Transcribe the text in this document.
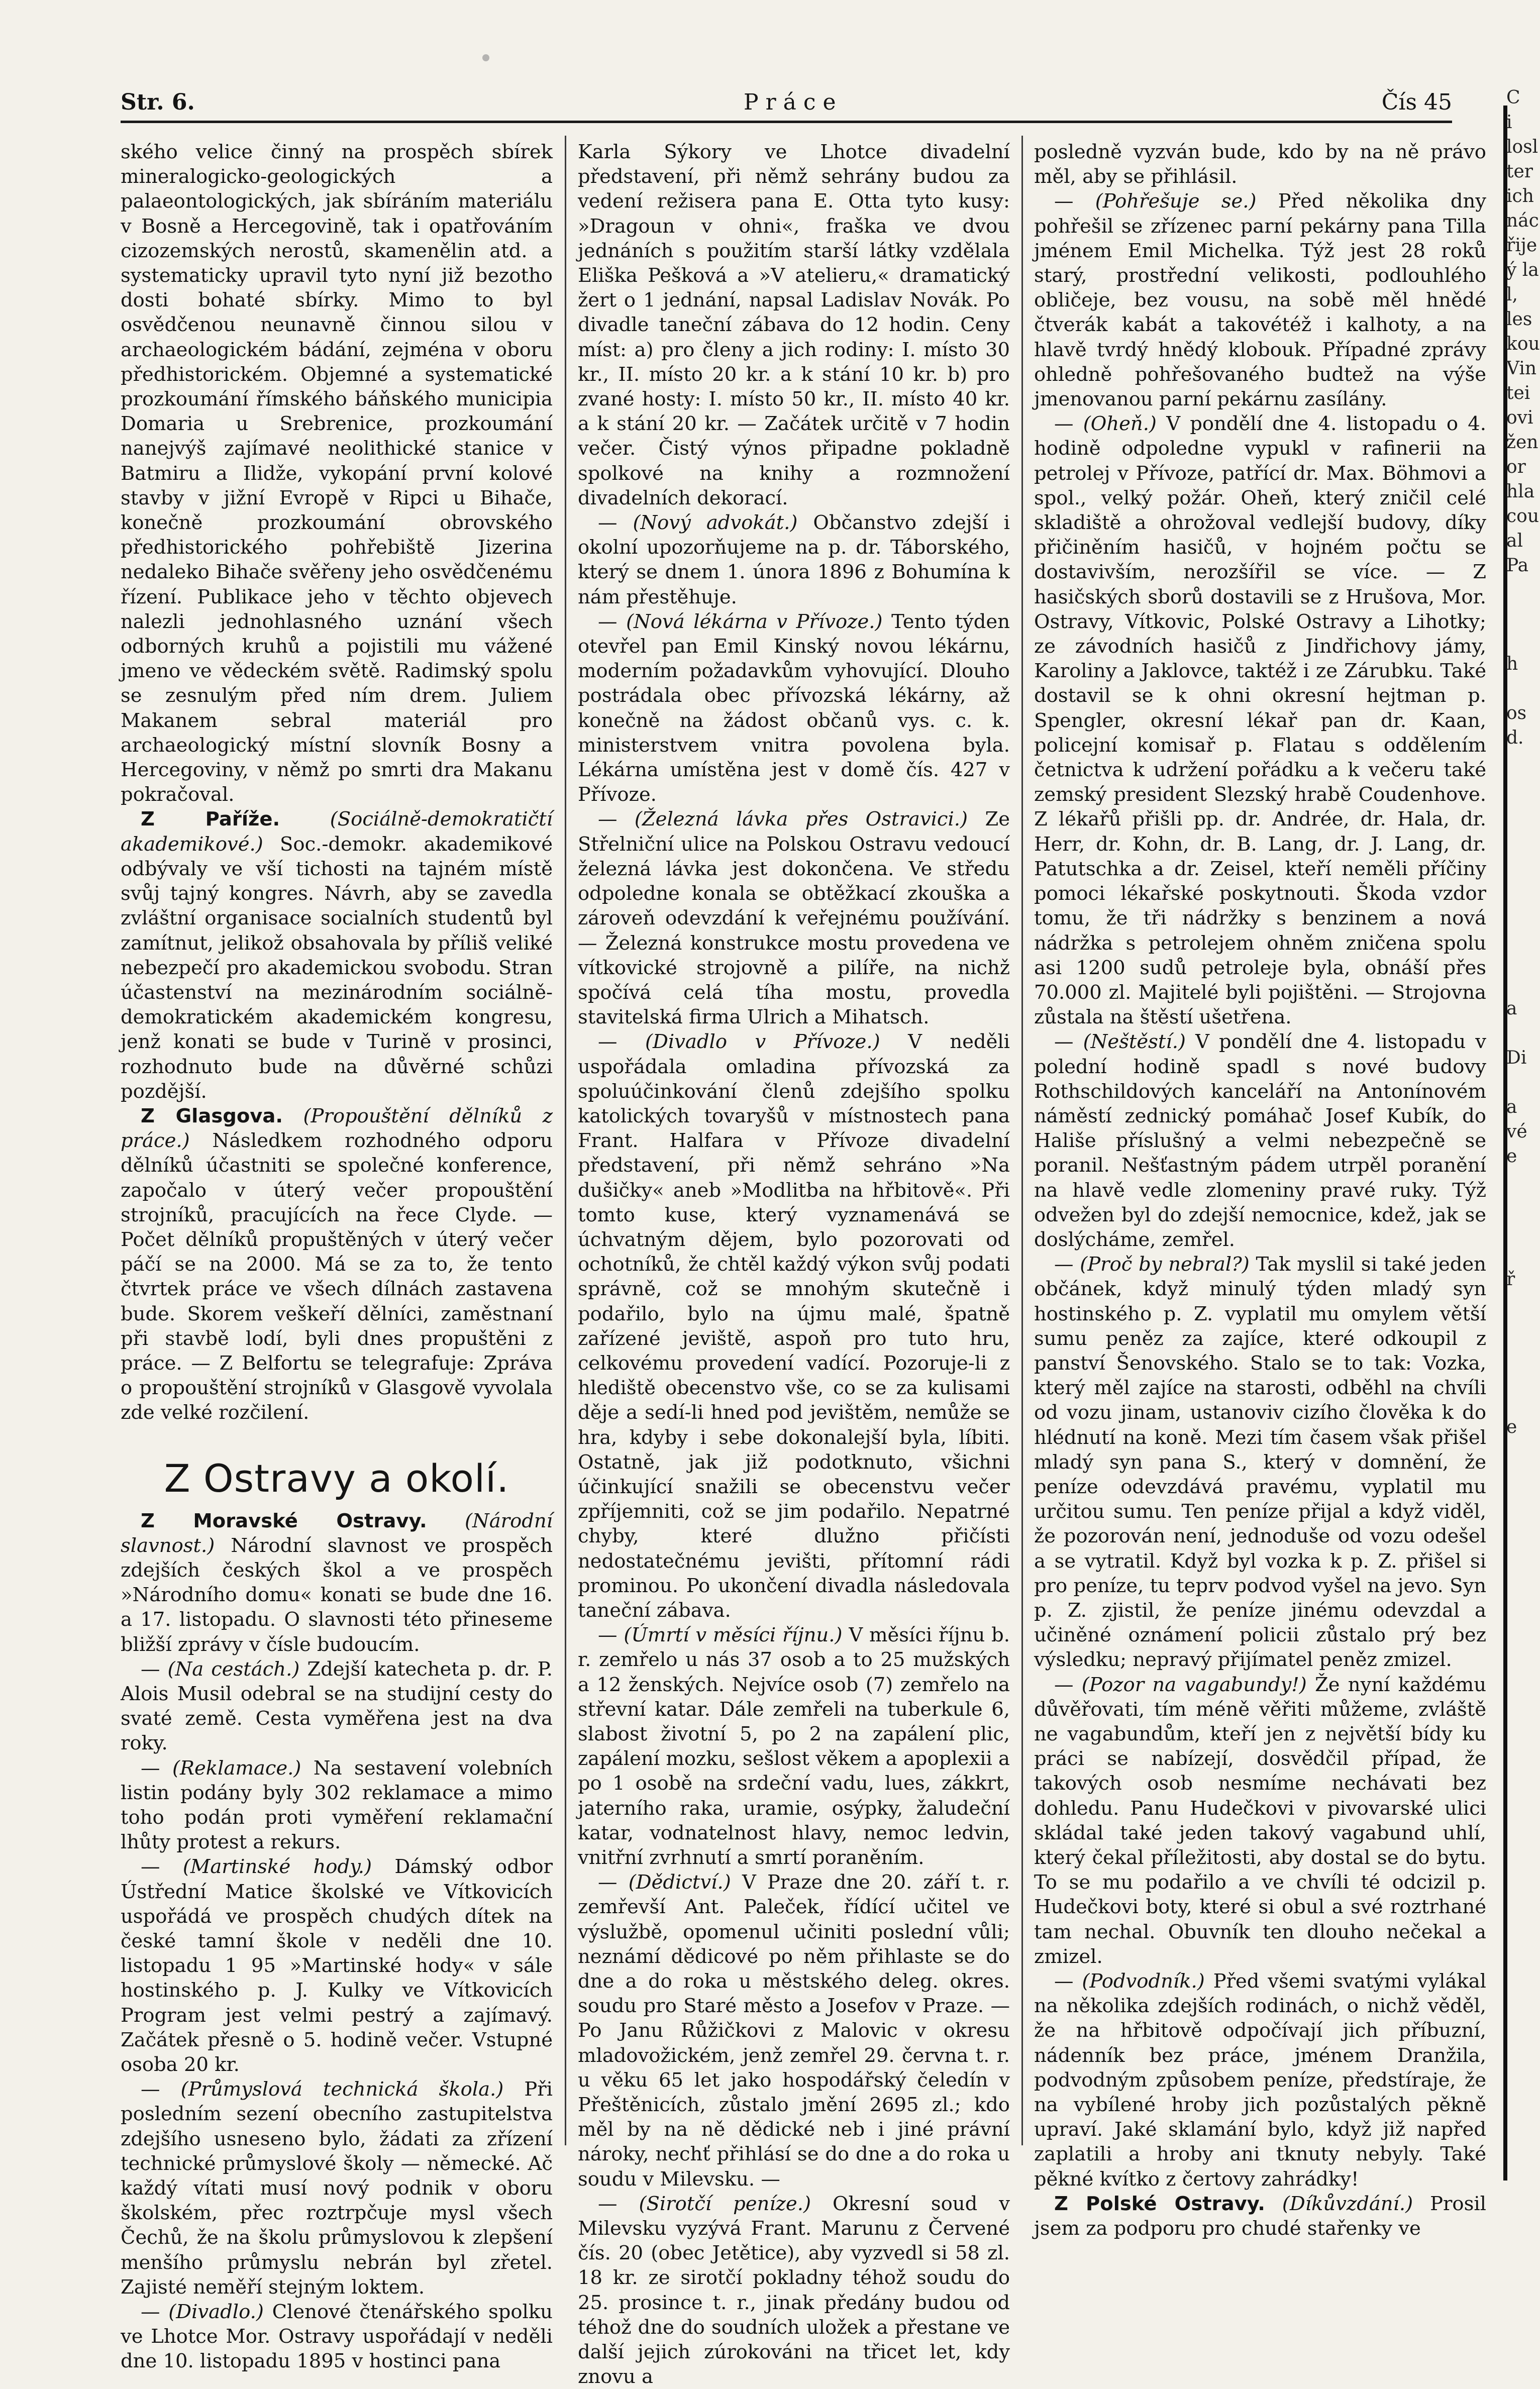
Str. 6.	Práce	Čís 45

ského velice činný na prospěch sbírek mineralogicko-geologických a palaeontologických, jak sbíráním materiálu v Bosně a Hercegovině, tak i opatřováním cizozemských nerostů, skamenělin atd. a systematicky upravil tyto nyní již bezotho dosti bohaté sbírky. Mimo to byl osvědčenou neunavně činnou silou v archaeologickém bádání, zejména v oboru předhistorickém. Objemné a systematické prozkoumání římského báňského municipia Domaria u Srebrenice, prozkoumání nanejvýš zajímavé neolithické stanice v Batmiru a Ilidže, vykopání první kolové stavby v jižní Evropě v Ripci u Bihače, konečně prozkoumání obrovského předhistorického pohřebiště Jizerina nedaleko Bihače svěřeny jeho osvědčenému řízení. Publikace jeho v těchto objevech nalezli jednohlasného uznání všech odborných kruhů a pojistili mu vážené jmeno ve vědeckém světě. Radimský spolu se zesnulým před ním drem. Juliem Makanem sebral materiál pro archaeologický místní slovník Bosny a Hercegoviny, v němž po smrti dra Makanu pokračoval.

Z Paříže.	(Sociálně-demokratičtí akademikové.) Soc.-demokr. akademikové odbývaly ve vší tichosti na tajném místě svůj tajný kongres. Návrh, aby se zavedla zvláštní organisace socialních studentů byl zamítnut, jelikož obsahovala by příliš veliké nebezpečí pro akademickou svobodu. Stran účastenství na mezinárodním sociálně-demokratickém akademickém kongresu, jenž konati se bude v Turině v prosinci, rozhodnuto bude na důvěrné schůzi pozdější.

Z Glasgova. (Propouštění dělníků z práce.) Následkem rozhodného odporu dělníků účastniti se společné konference, započalo v úterý večer propouštění strojníků, pracujících na řece Clyde. — Počet dělníků propuštěných v úterý večer páčí se na 2000. Má se za to, že tento čtvrtek práce ve všech dílnách zastavena bude. Skorem veškeří dělníci, zaměstnaní při stavbě lodí, byli dnes propuštěni z práce. — Z Belfortu se telegrafuje: Zpráva o propouštění strojníků v Glasgově vyvolala zde velké rozčilení.

Z Ostravy a okolí.

Z Moravské Ostravy. (Národní slavnost.) Národní slavnost ve prospěch zdejších českých škol a ve prospěch »Národního domu« konati se bude dne 16. a 17. listopadu. O slavnosti této přineseme bližší zprávy v čísle budoucím.

— (Na cestách.) Zdejší katecheta p. dr. P. Alois Musil odebral se na studijní cesty do svaté země. Cesta vyměřena jest na dva roky.

— (Reklamace.) Na sestavení volebních listin podány byly 302 reklamace a mimo toho podán proti vyměření reklamační lhůty protest a rekurs.

— (Martinské hody.) Dámský odbor Ústřední Matice školské ve Vítkovicích uspořádá ve prospěch chudých dítek na české tamní škole v neděli dne 10. listopadu 1 95 »Martinské hody« v sále hostinského p. J. Kulky ve Vítkovicích Program jest velmi pestrý a zajímavý. Začátek přesně o 5. hodině večer. Vstupné osoba 20 kr.

— (Průmyslová technická škola.) Při posledním sezení obecního zastupitelstva zdejšího usneseno bylo, žádati za zřízení technické průmyslové školy — německé. Ač každý vítati musí nový podnik v oboru školském, přec roztrpčuje mysl všech Čechů, že na školu průmyslovou k zlepšení menšího průmyslu nebrán byl zřetel. Zajisté neměří stejným loktem.

— (Divadlo.) Clenové čtenářského spolku ve Lhotce Mor. Ostravy uspořádají v neděli dne 10. listopadu 1895 v hostinci pana

Karla Sýkory ve Lhotce divadelní představení, při němž sehrány budou za vedení režisera pana E. Otta tyto kusy: »Dragoun v ohni«, fraška ve dvou jednáních s použitím starší látky vzdělala Eliška Pešková a »V atelieru,« dramatický žert o 1 jednání, napsal Ladislav Novák. Po divadle taneční zábava do 12 hodin. Ceny míst: a) pro členy a jich rodiny: I. místo 30 kr., II. místo 20 kr. a k stání 10 kr. b) pro zvané hosty: I. místo 50 kr., II. místo 40 kr. a k stání 20 kr. — Začátek určitě v 7 hodin večer. Čistý výnos připadne pokladně spolkové na knihy a rozmnožení divadelních dekorací.

— (Nový advokát.) Občanstvo zdejší i okolní upozorňujeme na p. dr. Táborského, který se dnem 1. února 1896 z Bohumína k nám přestěhuje.

— (Nová lékárna v Přívoze.) Tento týden otevřel pan Emil Kinský novou lékárnu, moderním požadavkům vyhovující. Dlouho postrádala obec přívozská lékárny, až konečně na žádost občanů vys. c. k. ministerstvem vnitra povolena byla. Lékárna umístěna jest v domě čís. 427 v Přívoze.

— (Železná lávka přes Ostravici.) Ze Střelniční ulice na Polskou Ostravu vedoucí železná lávka jest dokončena. Ve středu odpoledne konala se obtěžkací zkouška a zároveň odevzdání k veřejnému používání. — Železná konstrukce mostu provedena ve vítkovické strojovně a pilíře, na nichž spočívá celá tíha mostu, provedla stavitelská firma Ulrich a Mihatsch.

— (Divadlo v Přívoze.) V neděli uspořádala omladina přívozská za spoluúčinkování členů zdejšího spolku katolických tovaryšů v místnostech pana Frant. Halfara v Přívoze divadelní představení, při němž sehráno »Na dušičky« aneb »Modlitba na hřbitově«. Při tomto kuse, který vyznamenává se úchvatným dějem, bylo pozorovati od ochotníků, že chtěl každý výkon svůj podati správně, což se mnohým skutečně i podařilo, bylo na újmu malé, špatně zařízené jeviště, aspoň pro tuto hru, celkovému provedení vadící. Pozoruje-li z hlediště obecenstvo vše, co se za kulisami děje a sedí-li hned pod jevištěm, nemůže se hra, kdyby i sebe dokonalejší byla, líbiti. Ostatně, jak již podotknuto, všichni účinkující snažili se obecenstvu večer zpříjemniti, což se jim podařilo. Nepatrné chyby, které dlužno přičísti nedostatečnému jevišti, přítomní rádi prominou. Po ukončení divadla následovala taneční zábava.

— (Úmrtí v měsíci říjnu.) V měsíci říjnu b. r. zemřelo u nás 37 osob a to 25 mužských a 12 ženských. Nejvíce osob (7) zemřelo na střevní katar. Dále zemřeli na tuberkule 6, slabost životní 5, po 2 na zapálení plic, zapálení mozku, sešlost věkem a apoplexii a po 1 osobě na srdeční vadu, lues, zákkrt, jaterního raka, uramie, osýpky, žaludeční katar, vodnatelnost hlavy, nemoc ledvin, vnitřní zvrhnutí a smrtí poraněním.

— (Dědictví.) V Praze dne 20. září t. r. zemřevší Ant. Paleček, řídící učitel ve výslužbě, opomenul učiniti poslední vůli; neznámí dědicové po něm přihlaste se do dne a do roka u městského deleg. okres. soudu pro Staré město a Josefov v Praze. — Po Janu Růžičkovi z Malovic v okresu mladovožickém, jenž zemřel 29. června t. r. u věku 65 let jako hospodářský čeledín v Přeštěnicích, zůstalo jmění 2695 zl.; kdo měl by na ně dědické neb i jiné právní nároky, nechť přihlásí se do dne a do roka u soudu v Milevsku. —

— (Sirotčí peníze.) Okresní soud v Milevsku vyzývá Frant. Marunu z Červené čís. 20 (obec Jetětice), aby vyzvedl si 58 zl. 18 kr. ze sirotčí pokladny téhož soudu do 25. prosince t. r., jinak předány budou od téhož dne do soudních uložek a přestane ve další jejich zúrokováni na třicet let, kdy znovu a

posledně vyzván bude, kdo by na ně právo měl, aby se přihlásil.

— (Pohřešuje se.) Před několika dny pohřešil se zřízenec parní pekárny pana Tilla jménem Emil Michelka. Týž jest 28 roků starý, prostřední velikosti, podlouhlého obličeje, bez vousu, na sobě měl hnědé čtverák kabát a takovétéž i kalhoty, a na hlavě tvrdý hnědý klobouk. Případné zprávy ohledně pohřešovaného budtež na výše jmenovanou parní pekárnu zasílány.

— (Oheň.) V pondělí dne 4. listopadu o 4. hodině odpoledne vypukl v rafinerii na petrolej v Přívoze, patřící dr. Max. Böhmovi a spol., velký požár. Oheň, který zničil celé skladiště a ohrožoval vedlejší budovy, díky přičiněním hasičů, v hojném počtu se dostavivším, nerozšířil se více. — Z hasičských sborů dostavili se z Hrušova, Mor. Ostravy, Vítkovic, Polské Ostravy a Lihotky; ze závodních hasičů z Jindřichovy jámy, Karoliny a Jaklovce, taktéž i ze Zárubku. Také dostavil se k ohni okresní hejtman p. Spengler, okresní lékař pan dr. Kaan, policejní komisař p. Flatau s oddělením četnictva k udržení pořádku a k večeru také zemský president Slezský hrabě Coudenhove. Z lékařů přišli pp. dr. Andrée, dr. Hala, dr. Herr, dr. Kohn, dr. B. Lang, dr. J. Lang, dr. Patutschka a dr. Zeisel, kteří neměli příčiny pomoci lékařské poskytnouti. Škoda vzdor tomu, že tři nádržky s benzinem a nová nádržka s petrolejem ohněm zničena spolu asi 1200 sudů petroleje byla, obnáší přes 70.000 zl. Majitelé byli pojištěni. — Strojovna zůstala na štěstí ušetřena.

— (Neštěstí.) V pondělí dne 4. listopadu v polední hodině spadl s nové budovy Rothschildových kanceláří na Antonínovém náměstí zednický pomáhač Josef Kubík, do Hališe příslušný a velmi nebezpečně se poranil. Nešťastným pádem utrpěl poranění na hlavě vedle zlomeniny pravé ruky. Týž odvežen byl do zdejší nemocnice, kdež, jak se doslýcháme, zemřel.

— (Proč by nebral?) Tak myslil si také jeden občánek, když minulý týden mladý syn hostinského p. Z. vyplatil mu omylem větší sumu peněz za zajíce, které odkoupil z panství Šenovského. Stalo se to tak: Vozka, který měl zajíce na starosti, odběhl na chvíli od vozu jinam, ustanoviv cizího člověka k do hlédnutí na koně. Mezi tím časem však přišel mladý syn pana S., který v domnění, že peníze odevzdává pravému, vyplatil mu určitou sumu. Ten peníze přijal a když viděl, že pozorován není, jednoduše od vozu odešel a se vytratil. Když byl vozka k p. Z. přišel si pro peníze, tu teprv podvod vyšel na jevo. Syn p. Z. zjistil, že peníze jinému odevzdal a učiněné oznámení policii zůstalo prý bez výsledku; nepravý přijímatel peněz zmizel.

— (Pozor na vagabundy!) Že nyní každému důvěřovati, tím méně věřiti můžeme, zvláště ne vagabundům, kteří jen z největší bídy ku práci se nabízejí, dosvědčil případ, že takových osob nesmíme nechávati bez dohledu. Panu Hudečkovi v pivovarské ulici skládal také jeden takový vagabund uhlí, který čekal příležitosti, aby dostal se do bytu. To se mu podařilo a ve chvíli té odcizil p. Hudečkovi boty, které si obul a své roztrhané tam nechal. Obuvník ten dlouho nečekal a zmizel.

— (Podvodník.) Před všemi svatými vylákal na několika zdejších rodinách, o nichž věděl, že na hřbitově odpočívají jich příbuzní, nádenník bez práce, jménem Dranžila, podvodným způsobem peníze, předstíraje, že na vybílené hroby jich pozůstalých pěkně upraví. Jaké sklamání bylo, když již napřed zaplatili a hroby ani tknuty nebyly. Také pěkné kvítko z čertovy zahrádky!

Z Polské Ostravy. (Díkůvzdání.) Prosil jsem za podporu pro chudé stařenky ve

C
i
losl
ter
ich
nác
řije
ý la
l,
les
kou
Vin
tei
ovi
žen
or
hla
cou
al
Pa

h

os
d.

a

Di

a
vé
e

ř

e
